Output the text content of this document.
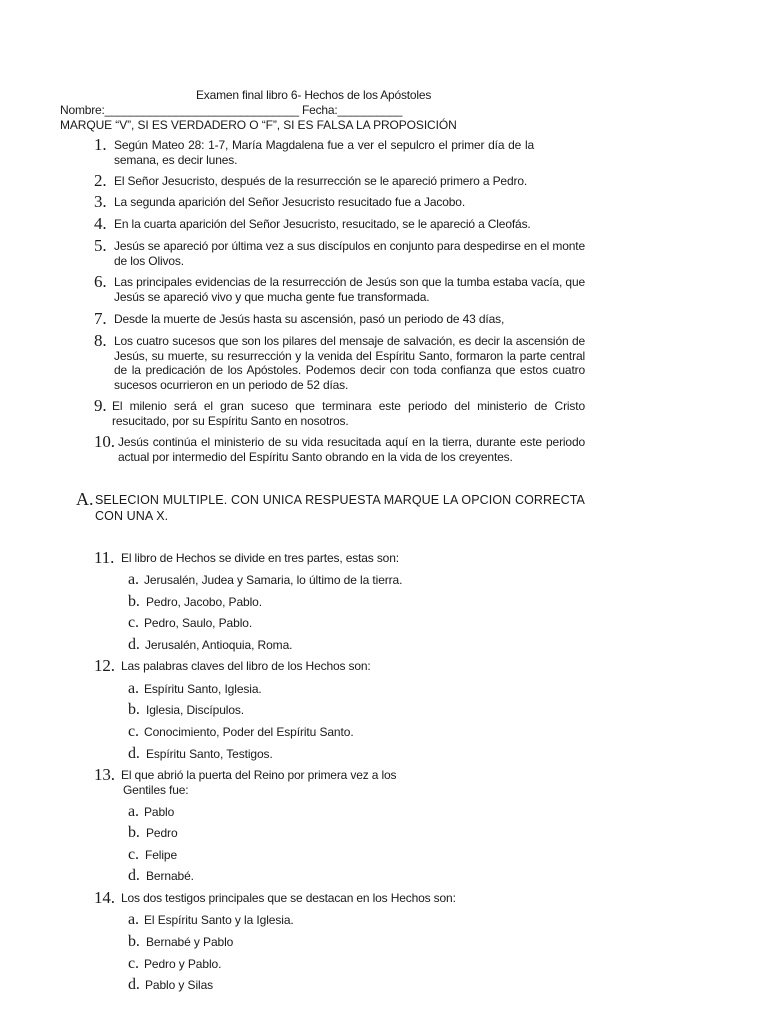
Examen final libro 6- Hechos de los Apóstoles
Nombre:______________________________ Fecha:__________
MARQUE “V”, SI ES VERDADERO O “F”, SI ES FALSA LA PROPOSICIÓN
1. Según Mateo 28: 1-7, María Magdalena fue a ver el sepulcro el primer día de la semana, es decir lunes.
2. El Señor Jesucristo, después de la resurrección se le apareció primero a Pedro.
3. La segunda aparición del Señor Jesucristo resucitado fue a Jacobo.
4. En la cuarta aparición del Señor Jesucristo, resucitado, se le apareció a Cleofás.
5. Jesús se apareció por última vez a sus discípulos en conjunto para despedirse en el monte de los Olivos.
6. Las principales evidencias de la resurrección de Jesús son que la tumba estaba vacía, que Jesús se apareció vivo y que mucha gente fue transformada.
7. Desde la muerte de Jesús hasta su ascensión, pasó un periodo de 43 días,
8. Los cuatro sucesos que son los pilares del mensaje de salvación, es decir la ascensión de Jesús, su muerte, su resurrección y la venida del Espíritu Santo, formaron la parte central de la predicación de los Apóstoles. Podemos decir con toda confianza que estos cuatro sucesos ocurrieron en un periodo de 52 días.
9. El milenio será el gran suceso que terminara este periodo del ministerio de Cristo resucitado, por su Espíritu Santo en nosotros.
10. Jesús continúa el ministerio de su vida resucitada aquí en la tierra, durante este periodo actual por intermedio del Espíritu Santo obrando en la vida de los creyentes.
A. SELECION MULTIPLE. CON UNICA RESPUESTA MARQUE LA OPCION CORRECTA CON UNA X.
11. El libro de Hechos se divide en tres partes, estas son:
a. Jerusalén, Judea y Samaria, lo último de la tierra.
b. Pedro, Jacobo, Pablo.
c. Pedro, Saulo, Pablo.
d. Jerusalén, Antioquia, Roma.
12. Las palabras claves del libro de los Hechos son:
a. Espíritu Santo, Iglesia.
b. Iglesia, Discípulos.
c. Conocimiento, Poder del Espíritu Santo.
d. Espíritu Santo, Testigos.
13. El que abrió la puerta del Reino por primera vez a los
Gentiles fue:
a. Pablo
b. Pedro
c. Felipe
d. Bernabé.
14. Los dos testigos principales que se destacan en los Hechos son:
a. El Espíritu Santo y la Iglesia.
b. Bernabé y Pablo
c. Pedro y Pablo.
d. Pablo y Silas
